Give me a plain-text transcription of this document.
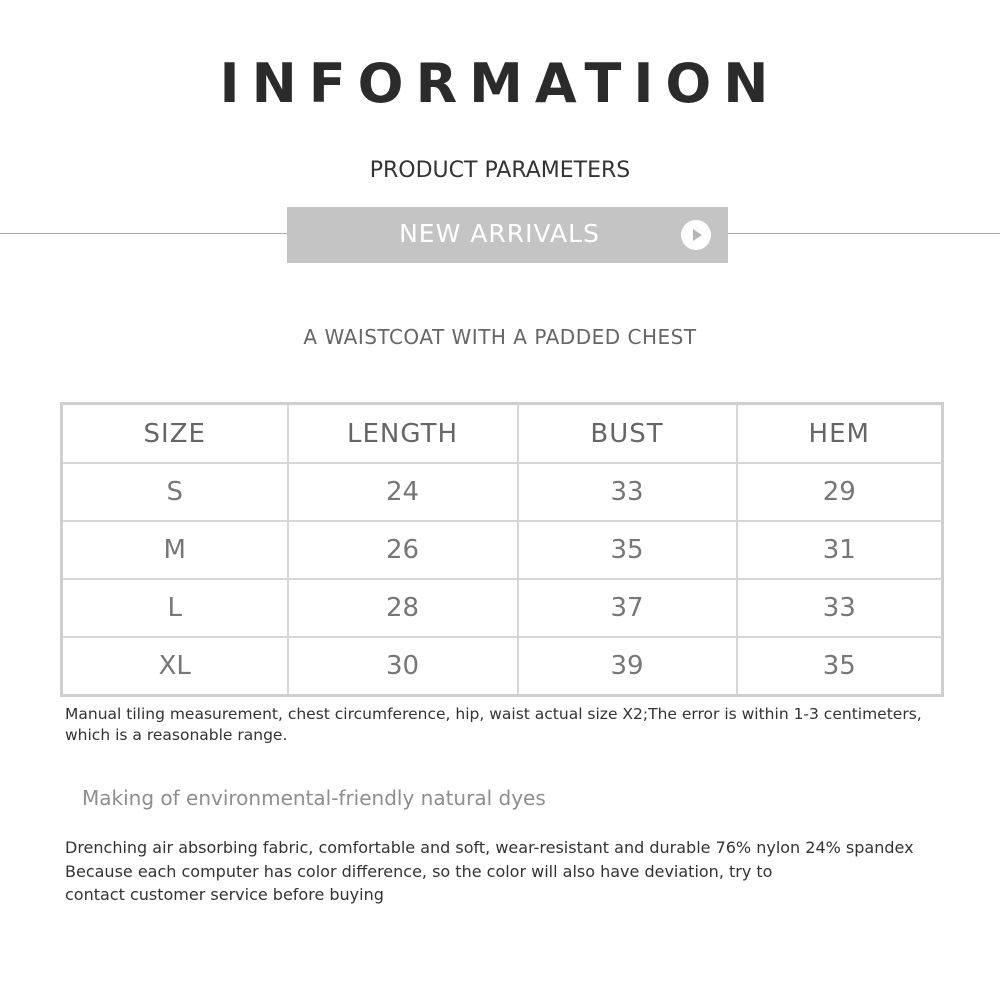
INFORMATION
PRODUCT PARAMETERS
NEW ARRIVALS
A WAISTCOAT WITH A PADDED CHEST
SIZE	LENGTH	BUST	HEM
S	24	33	29
M	26	35	31
L	28	37	33
XL	30	39	35
Manual tiling measurement, chest circumference, hip, waist actual size X2;The error is within 1-3 centimeters, which is a reasonable range.
Making of environmental-friendly natural dyes
Drenching air absorbing fabric, comfortable and soft, wear-resistant and durable 76% nylon 24% spandex
Because each computer has color difference, so the color will also have deviation, try to
contact customer service before buying
